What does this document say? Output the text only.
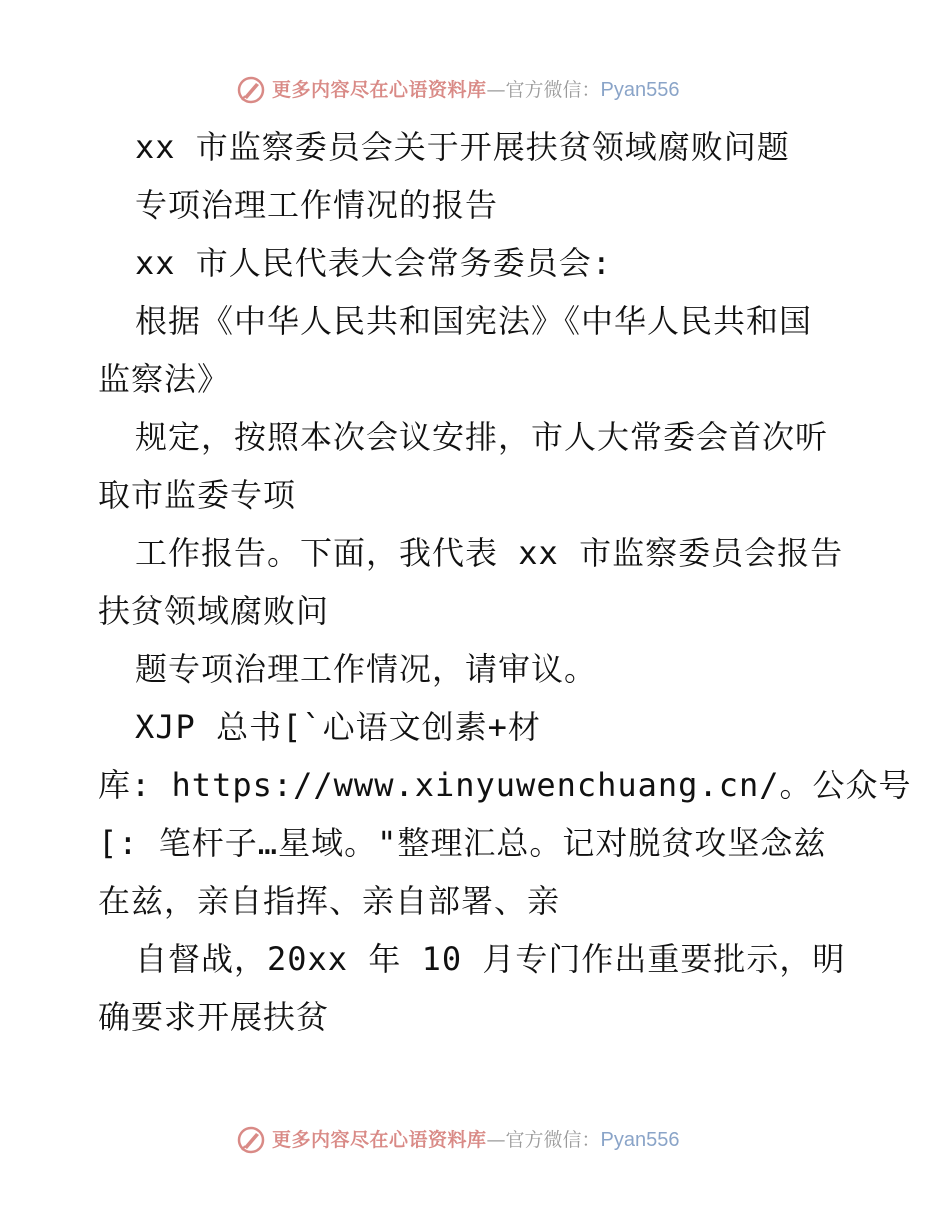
更多内容尽在心语资料库 — 官方微信： Pyan556
xx 市监察委员会关于开展扶贫领域腐败问题
专项治理工作情况的报告
xx 市人民代表大会常务委员会:
根据《中华人民共和国宪法》《中华人民共和国
监察法》
规定，按照本次会议安排，市人大常委会首次听
取市监委专项
工作报告。下面，我代表 xx 市监察委员会报告
扶贫领域腐败问
题专项治理工作情况，请审议。
XJP 总书[`心语文创素+材
库: https://www.xinyuwenchuang.cn/。公众号
[: 笔杆子…星域。"整理汇总。记对脱贫攻坚念兹
在兹，亲自指挥、亲自部署、亲
自督战，20xx 年 10 月专门作出重要批示，明
确要求开展扶贫
更多内容尽在心语资料库 — 官方微信： Pyan556
